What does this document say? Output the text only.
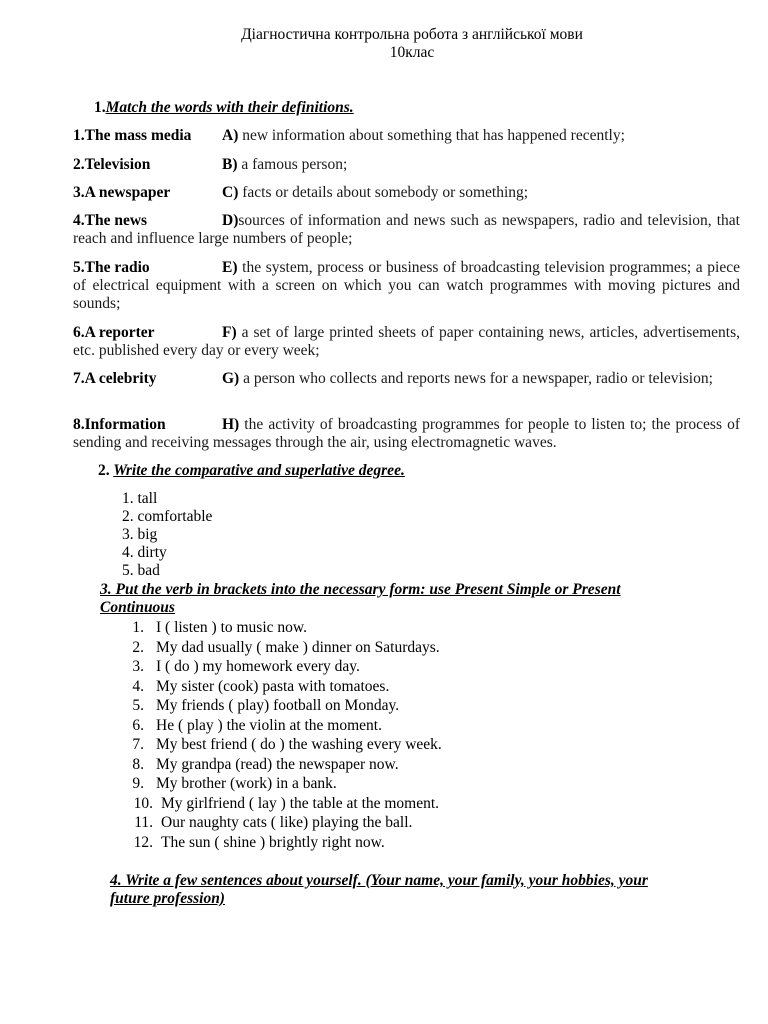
Діагностична контрольна робота з англійської мови
10клас
1.Match the words with their definitions.
1.The mass media A) new information about something that has happened recently;
2.Television	B) a famous person;
3.A newspaper	C) facts or details about somebody or something;
4.The news	D)sources of information and news such as newspapers, radio and television, that reach and influence large numbers of people;
5.The radio	E) the system, process or business of broadcasting television programmes; a piece of electrical equipment with a screen on which you can watch programmes with moving pictures and sounds;
6.A reporter	F) a set of large printed sheets of paper containing news, articles, advertisements, etc. published every day or every week;
7.A celebrity	G) a person who collects and reports news for a newspaper, radio or television;
8.Information	H) the activity of broadcasting programmes for people to listen to; the process of sending and receiving messages through the air, using electromagnetic waves.
2. Write the comparative and superlative degree.
1. tall
2. comfortable
3. big
4. dirty
5. bad
3. Put the verb in brackets into the necessary form: use Present Simple or Present
Continuous
1. I ( listen ) to music now.
2. My dad usually ( make ) dinner on Saturdays.
3. I ( do ) my homework every day.
4. My sister (cook) pasta with tomatoes.
5. My friends ( play) football on Monday.
6. He ( play ) the violin at the moment.
7. My best friend ( do ) the washing every week.
8. My grandpa (read) the newspaper now.
9. My brother (work) in a bank.
10. My girlfriend ( lay ) the table at the moment.
11. Our naughty cats ( like) playing the ball.
12. The sun ( shine ) brightly right now.
4. Write a few sentences about yourself. (Your name, your family, your hobbies, your
future profession)
